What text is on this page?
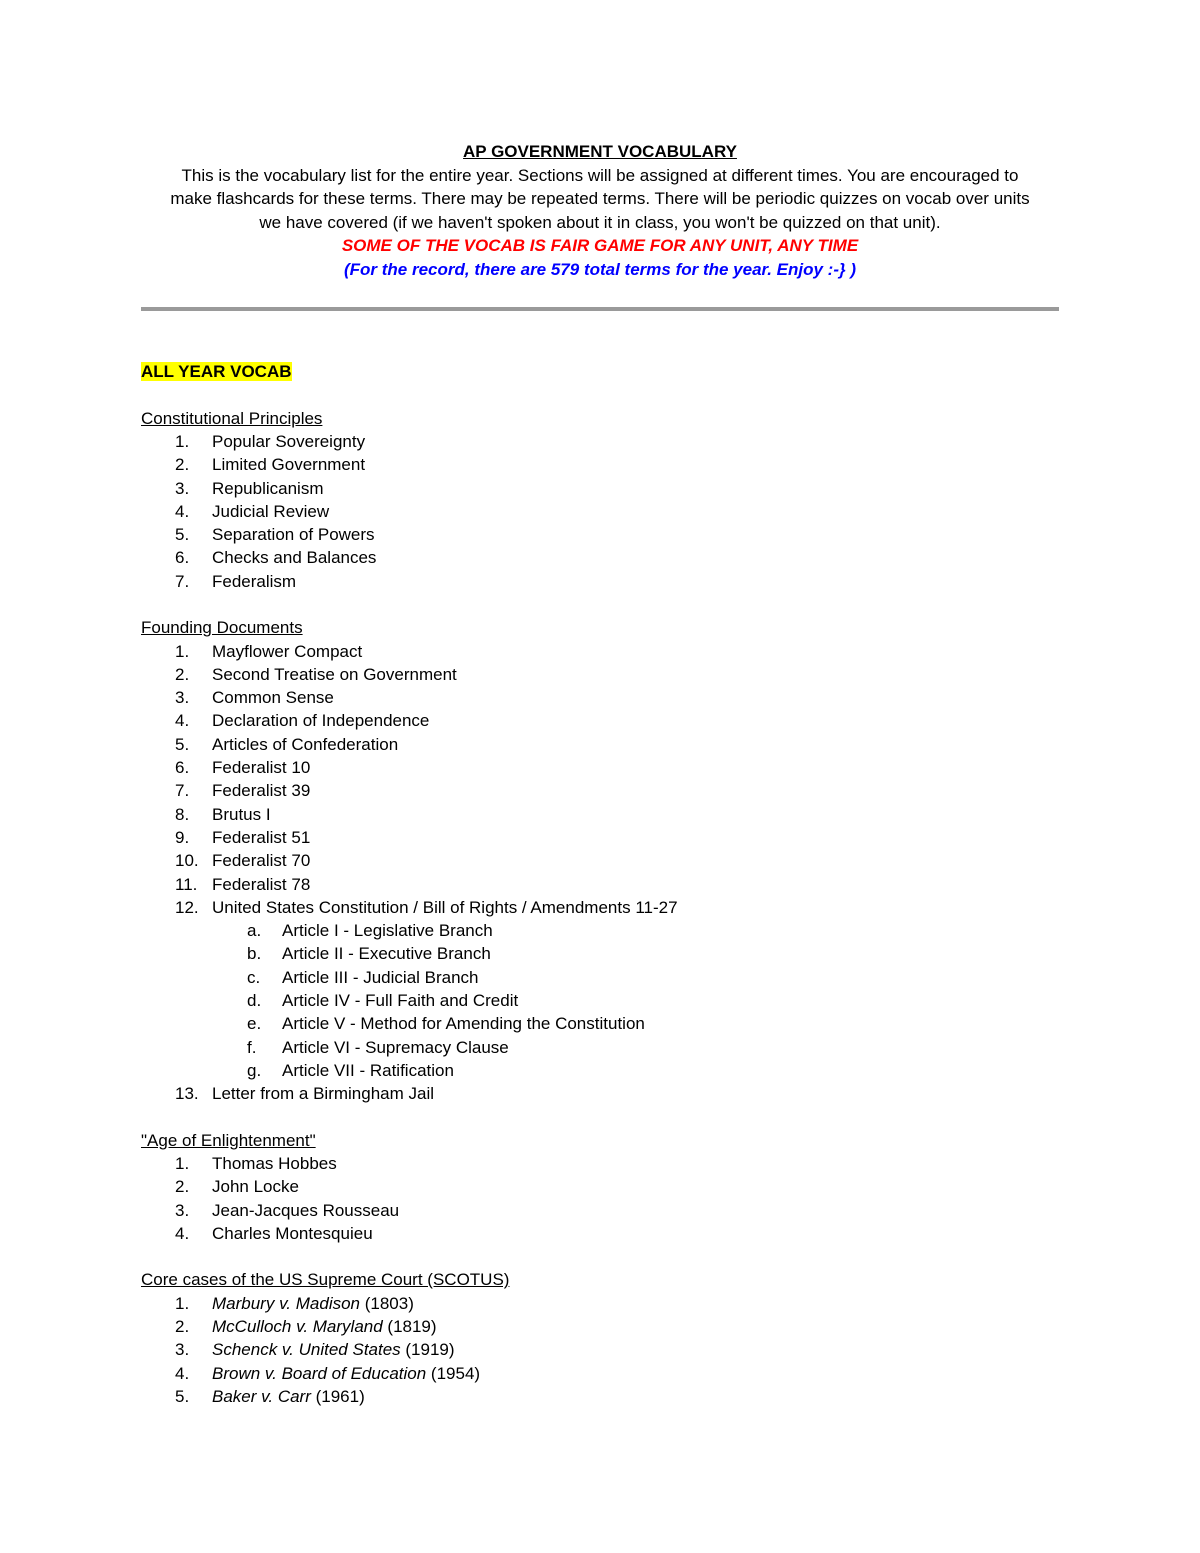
AP GOVERNMENT VOCABULARY
This is the vocabulary list for the entire year. Sections will be assigned at different times. You are encouraged to
make flashcards for these terms. There may be repeated terms. There will be periodic quizzes on vocab over units
we have covered (if we haven't spoken about it in class, you won't be quizzed on that unit).
SOME OF THE VOCAB IS FAIR GAME FOR ANY UNIT, ANY TIME
(For the record, there are 579 total terms for the year. Enjoy :-} )
ALL YEAR VOCAB
Constitutional Principles
1.	Popular Sovereignty
2.	Limited Government
3.	Republicanism
4.	Judicial Review
5.	Separation of Powers
6.	Checks and Balances
7.	Federalism
Founding Documents
1.	Mayflower Compact
2.	Second Treatise on Government
3.	Common Sense
4.	Declaration of Independence
5.	Articles of Confederation
6.	Federalist 10
7.	Federalist 39
8.	Brutus I
9.	Federalist 51
10. Federalist 70
11. Federalist 78
12. United States Constitution / Bill of Rights / Amendments 11-27
a.	Article I - Legislative Branch
b.	Article II - Executive Branch
c.	Article III - Judicial Branch
d.	Article IV - Full Faith and Credit
e.	Article V - Method for Amending the Constitution
f.	Article VI - Supremacy Clause
g.	Article VII - Ratification
13. Letter from a Birmingham Jail
"Age of Enlightenment"
1.	Thomas Hobbes
2.	John Locke
3.	Jean-Jacques Rousseau
4.	Charles Montesquieu
Core cases of the US Supreme Court (SCOTUS)
1.	Marbury v. Madison (1803)
2.	McCulloch v. Maryland (1819)
3.	Schenck v. United States (1919)
4.	Brown v. Board of Education (1954)
5.	Baker v. Carr (1961)
